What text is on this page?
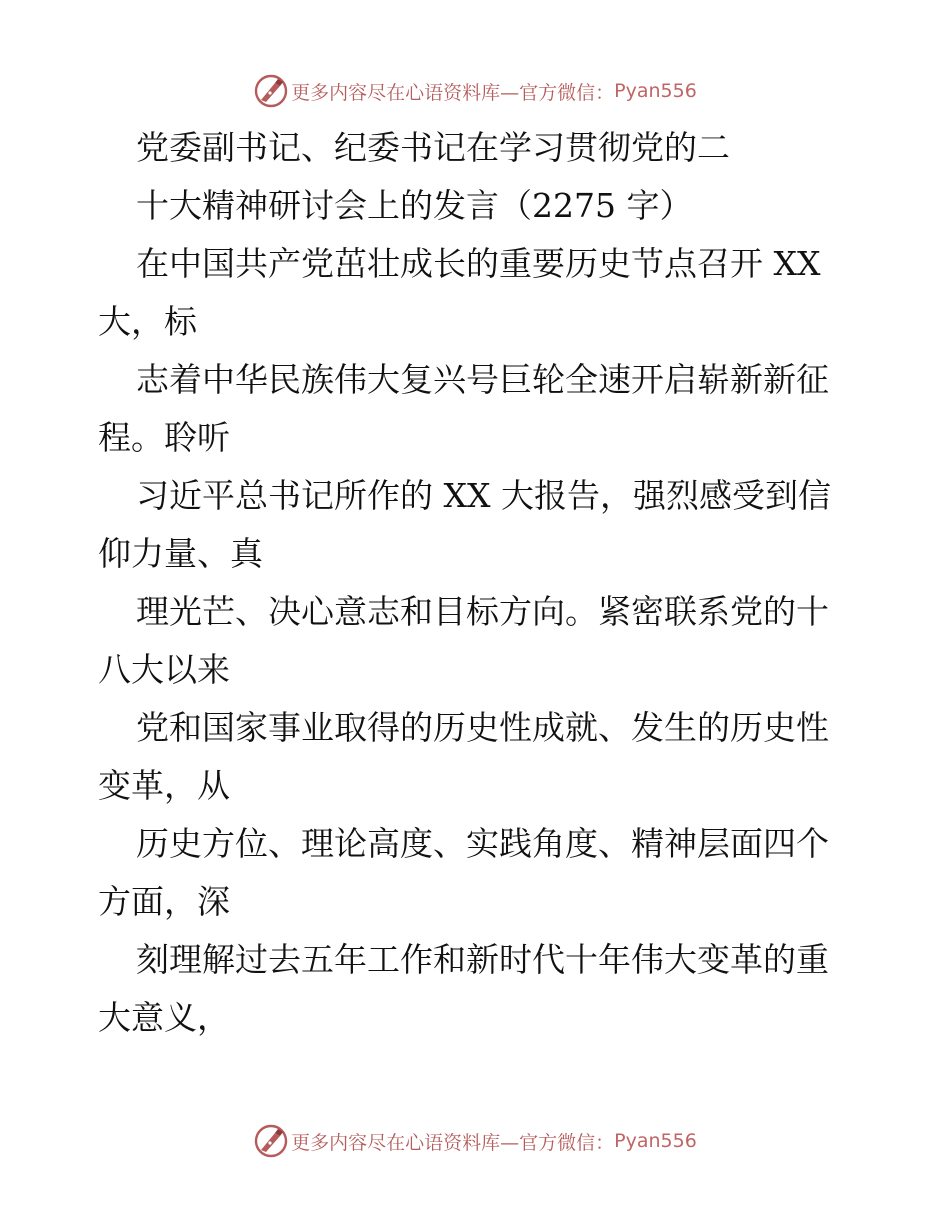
更多内容尽在心语资料库—官方微信： Pyan556
党委副书记、纪委书记在学习贯彻党的二
十大精神研讨会上的发言（2275 字）
在中国共产党茁壮成长的重要历史节点召开 XX
大，标
志着中华民族伟大复兴号巨轮全速开启崭新新征
程。聆听
习近平总书记所作的 XX 大报告，强烈感受到信
仰力量、真
理光芒、决心意志和目标方向。紧密联系党的十
八大以来
党和国家事业取得的历史性成就、发生的历史性
变革，从
历史方位、理论高度、实践角度、精神层面四个
方面，深
刻理解过去五年工作和新时代十年伟大变革的重
大意义，
更多内容尽在心语资料库—官方微信： Pyan556
